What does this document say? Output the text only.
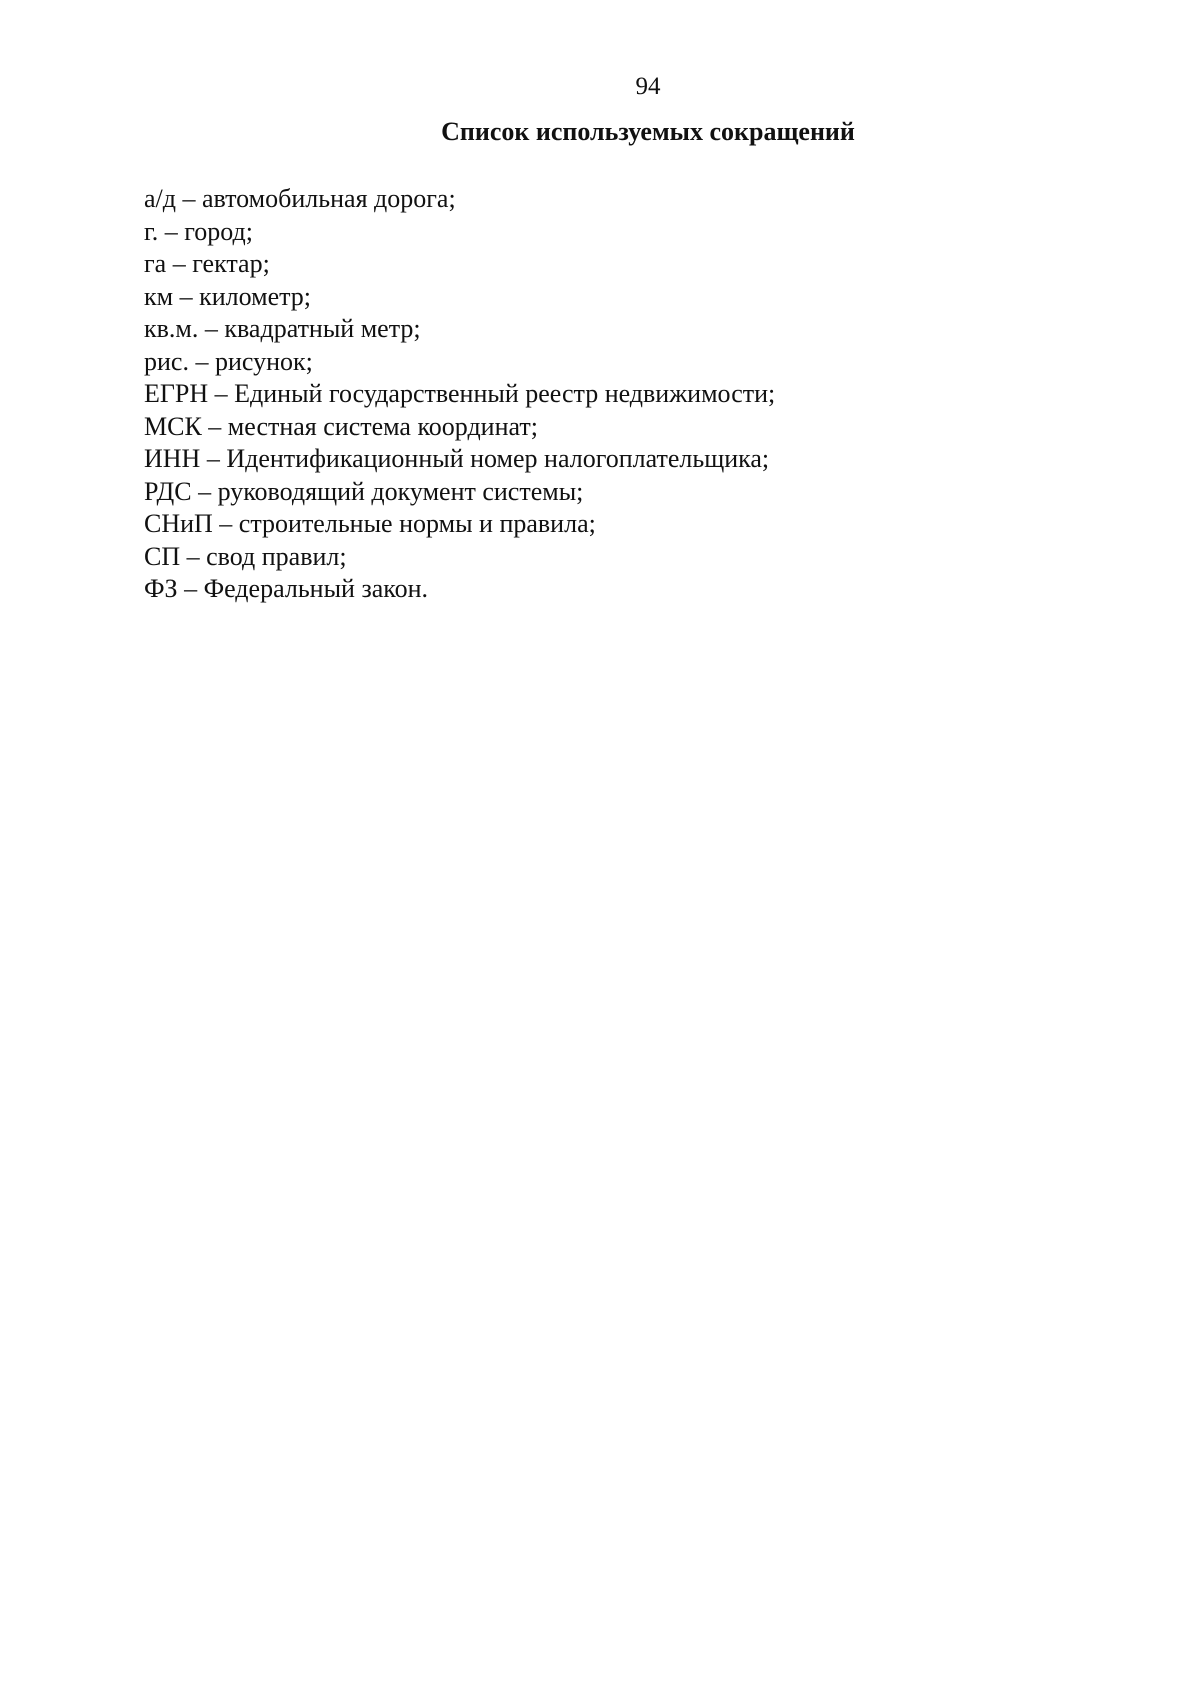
94
Список используемых сокращений
а/д – автомобильная дорога;
г. – город;
га – гектар;
км – километр;
кв.м. – квадратный метр;
рис. – рисунок;
ЕГРН – Единый государственный реестр недвижимости;
МСК – местная система координат;
ИНН – Идентификационный номер налогоплательщика;
РДС – руководящий документ системы;
СНиП – строительные нормы и правила;
СП – свод правил;
ФЗ – Федеральный закон.
